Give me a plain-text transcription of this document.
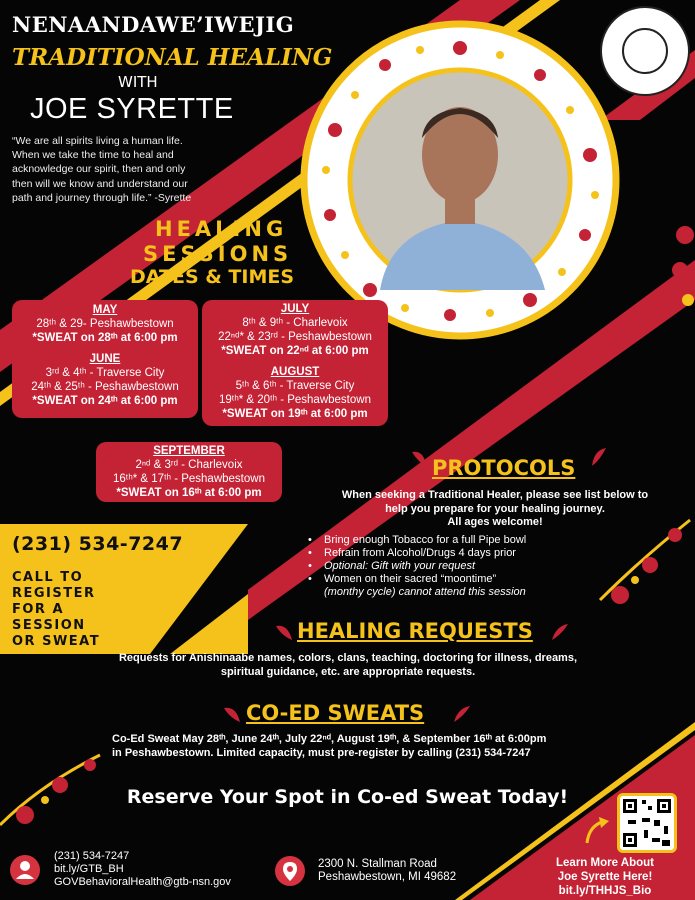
NENAANDAWE’IWEJIG
TRADITIONAL HEALING
WITH
JOE SYRETTE
“We are all spirits living a human life. When we take the time to heal and acknowledge our spirit, then and only then will we know and understand our path and journey through life.” -Syrette
HEALING
SESSIONS
DATES & TIMES
MAY
28ᵗʰ & 29- Peshawbestown
*SWEAT on 28ᵗʰ at 6:00 pm
JUNE
3ʳᵈ & 4ᵗʰ - Traverse City
24ᵗʰ & 25ᵗʰ - Peshawbestown
*SWEAT on 24ᵗʰ at 6:00 pm
JULY
8ᵗʰ & 9ᵗʰ - Charlevoix
22ⁿᵈ* & 23ʳᵈ - Peshawbestown
*SWEAT on 22ⁿᵈ at 6:00 pm
AUGUST
5ᵗʰ & 6ᵗʰ - Traverse City
19ᵗʰ* & 20ᵗʰ - Peshawbestown
*SWEAT on 19ᵗʰ at 6:00 pm
SEPTEMBER
2ⁿᵈ & 3ʳᵈ - Charlevoix
16ᵗʰ* & 17ᵗʰ - Peshawbestown
*SWEAT on 16ᵗʰ at 6:00 pm
(231) 534-7247
CALL TO
REGISTER
FOR A SESSION
OR SWEAT
PROTOCOLS
When seeking a Traditional Healer, please see list below to
help you prepare for your healing journey.
All ages welcome!
• Bring enough Tobacco for a full Pipe bowl
• Refrain from Alcohol/Drugs 4 days prior
• Optional: Gift with your request
• Women on their sacred “moontime”
(monthy cycle) cannot attend this session
HEALING REQUESTS
Requests for Anishinaabe names, colors, clans, teaching, doctoring for illness, dreams,
spiritual guidance, etc. are appropriate requests.
CO-ED SWEATS
Co-Ed Sweat May 28ᵗʰ, June 24ᵗʰ, July 22ⁿᵈ, August 19ᵗʰ, & September 16ᵗʰ at 6:00pm
in Peshawbestown. Limited capacity, must pre-register by calling (231) 534-7247
Reserve Your Spot in Co-ed Sweat Today!
(231) 534-7247
bit.ly/GTB_BH
GOVBehavioralHealth@gtb-nsn.gov
2300 N. Stallman Road
Peshawbestown, MI 49682
Learn More About
Joe Syrette Here!
bit.ly/THHJS_Bio
